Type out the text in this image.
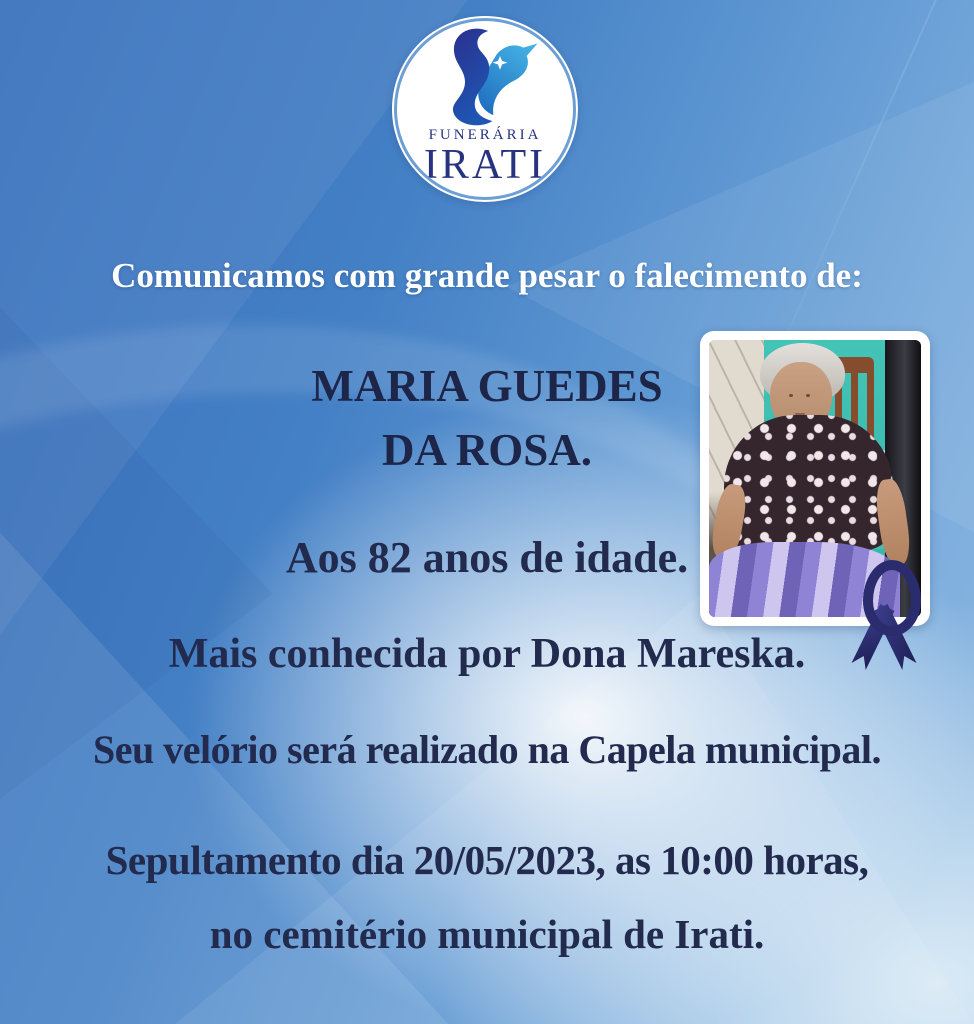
FUNERÁRIA
IRATI
Comunicamos com grande pesar o falecimento de:
MARIA GUEDES
DA ROSA.
Aos 82 anos de idade.
Mais conhecida por Dona Mareska.
Seu velório será realizado na Capela municipal.
Sepultamento dia 20/05/2023, as 10:00 horas,
no cemitério municipal de Irati.
